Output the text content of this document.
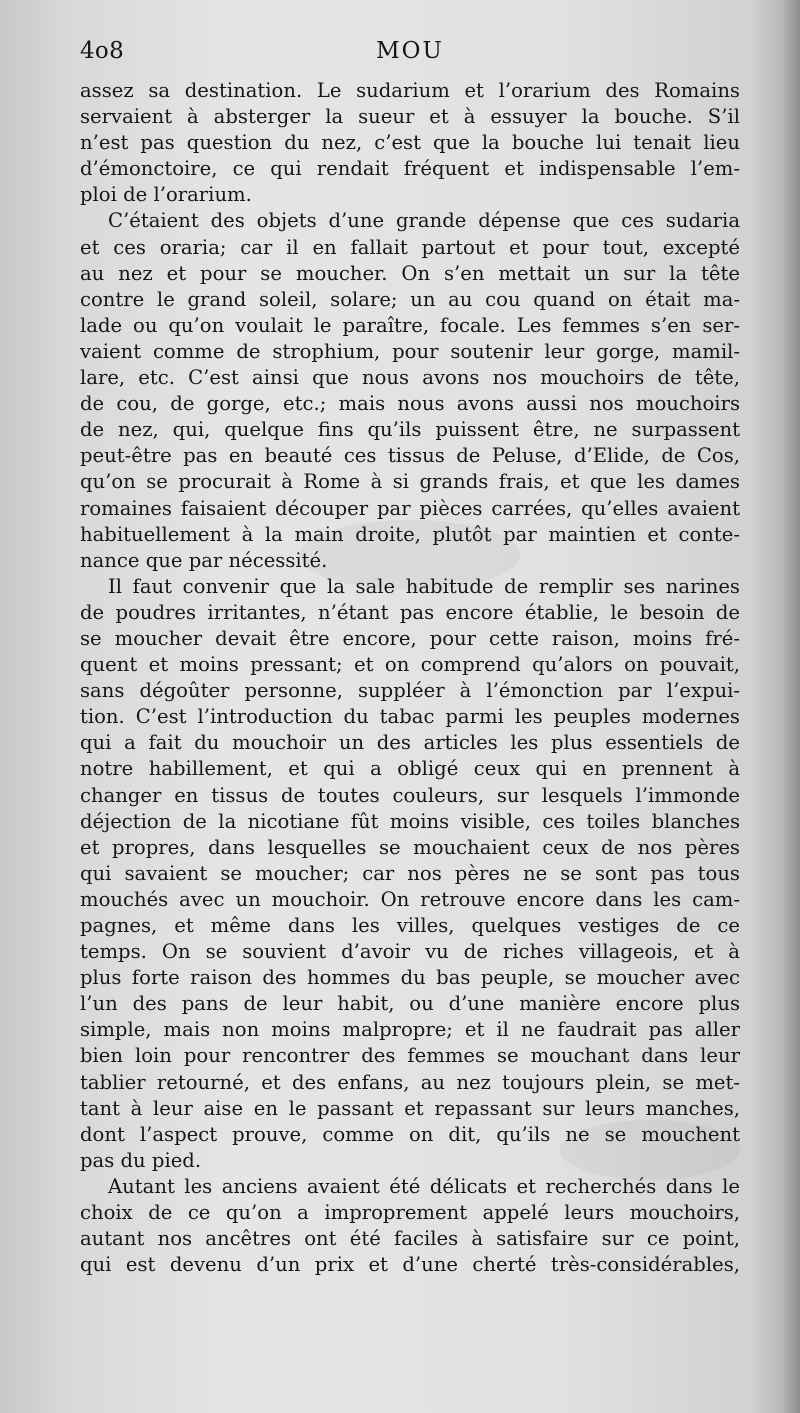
4o8	MOU
assez sa destination. Le sudarium et l’orarium des Romains
servaient à absterger la sueur et à essuyer la bouche. S’il
n’est pas question du nez, c’est que la bouche lui tenait lieu
d’émonctoire, ce qui rendait fréquent et indispensable l’em-
ploi de l’orarium.
C’étaient des objets d’une grande dépense que ces sudaria
et ces oraria; car il en fallait partout et pour tout, excepté
au nez et pour se moucher. On s’en mettait un sur la tête
contre le grand soleil, solare; un au cou quand on était ma-
lade ou qu’on voulait le paraître, focale. Les femmes s’en ser-
vaient comme de strophium, pour soutenir leur gorge, mamil-
lare, etc. C’est ainsi que nous avons nos mouchoirs de tête,
de cou, de gorge, etc.; mais nous avons aussi nos mouchoirs
de nez, qui, quelque fins qu’ils puissent être, ne surpassent
peut-être pas en beauté ces tissus de Peluse, d’Elide, de Cos,
qu’on se procurait à Rome à si grands frais, et que les dames
romaines faisaient découper par pièces carrées, qu’elles avaient
habituellement à la main droite, plutôt par maintien et conte-
nance que par nécessité.
Il faut convenir que la sale habitude de remplir ses narines
de poudres irritantes, n’étant pas encore établie, le besoin de
se moucher devait être encore, pour cette raison, moins fré-
quent et moins pressant; et on comprend qu’alors on pouvait,
sans dégoûter personne, suppléer à l’émonction par l’expui-
tion. C’est l’introduction du tabac parmi les peuples modernes
qui a fait du mouchoir un des articles les plus essentiels de
notre habillement, et qui a obligé ceux qui en prennent à
changer en tissus de toutes couleurs, sur lesquels l’immonde
déjection de la nicotiane fût moins visible, ces toiles blanches
et propres, dans lesquelles se mouchaient ceux de nos pères
qui savaient se moucher; car nos pères ne se sont pas tous
mouchés avec un mouchoir. On retrouve encore dans les cam-
pagnes, et même dans les villes, quelques vestiges de ce
temps. On se souvient d’avoir vu de riches villageois, et à
plus forte raison des hommes du bas peuple, se moucher avec
l’un des pans de leur habit, ou d’une manière encore plus
simple, mais non moins malpropre; et il ne faudrait pas aller
bien loin pour rencontrer des femmes se mouchant dans leur
tablier retourné, et des enfans, au nez toujours plein, se met-
tant à leur aise en le passant et repassant sur leurs manches,
dont l’aspect prouve, comme on dit, qu’ils ne se mouchent
pas du pied.
Autant les anciens avaient été délicats et recherchés dans le
choix de ce qu’on a improprement appelé leurs mouchoirs,
autant nos ancêtres ont été faciles à satisfaire sur ce point,
qui est devenu d’un prix et d’une cherté très-considérables,
